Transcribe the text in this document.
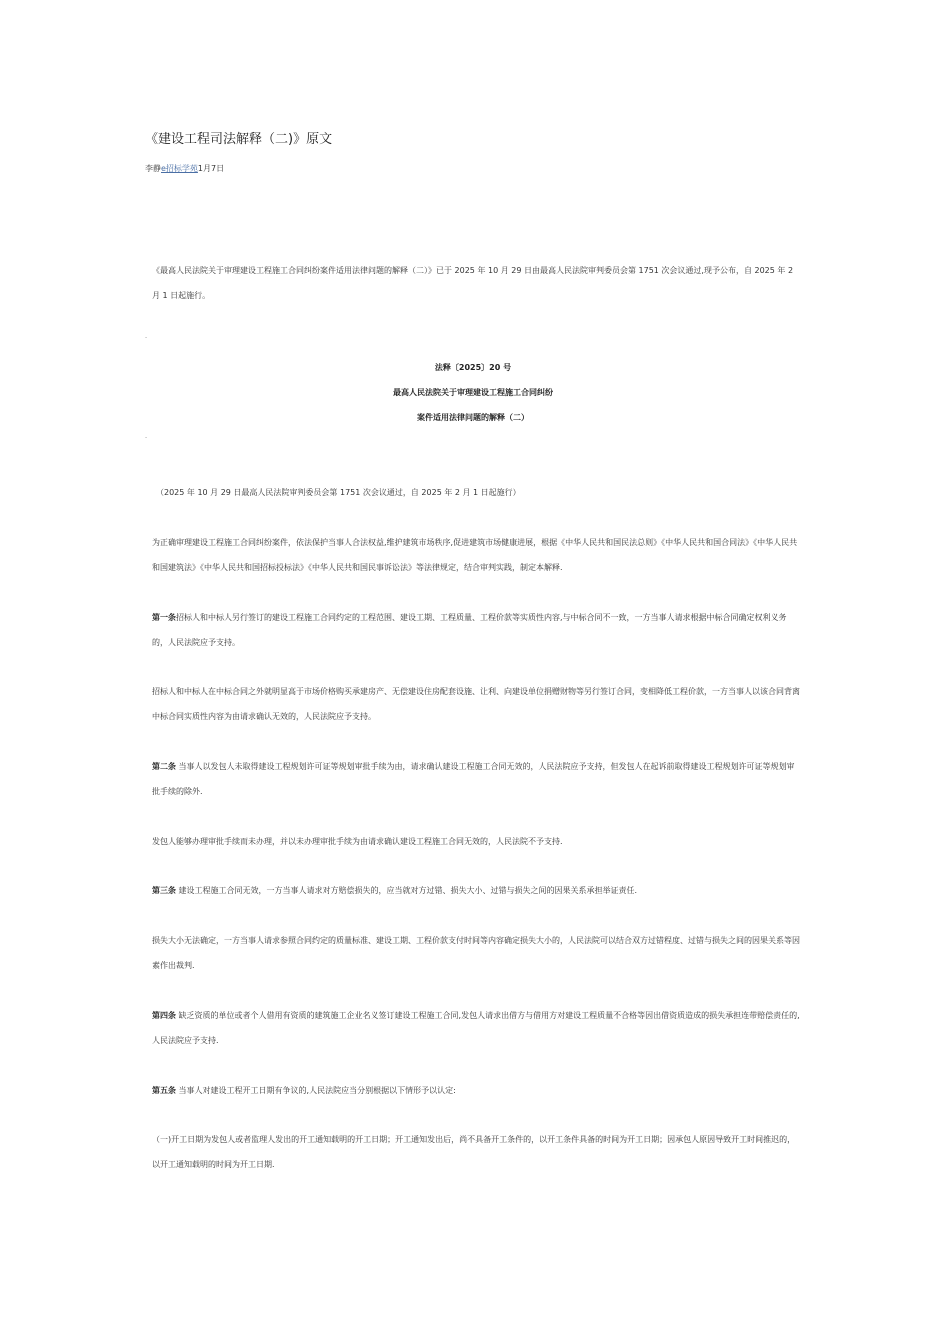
《建设工程司法解释（二)》原文
李静e招标学苑1月7日

《最高人民法院关于审理建设工程施工合同纠纷案件适用法律问题的解释（二）》已于 2025 年 10 月 29 日由最高人民法院审判委员会第 1751 次会议通过,现予公布，自 2025 年 2 月 1 日起施行。

-

法释〔2025〕20 号

最高人民法院关于审理建设工程施工合同纠纷

案件适用法律问题的解释（二）

-

（2025 年 10 月 29 日最高人民法院审判委员会第 1751 次会议通过，自 2025 年 2 月 1 日起施行）

为正确审理建设工程施工合同纠纷案件，依法保护当事人合法权益,维护建筑市场秩序,促进建筑市场健康进展，根据《中华人民共和国民法总则》《中华人民共和国合同法》《中华人民共和国建筑法》《中华人民共和国招标投标法》《中华人民共和国民事诉讼法》等法律规定，结合审判实践，制定本解释.

第一条招标人和中标人另行签订的建设工程施工合同约定的工程范围、建设工期、工程质量、工程价款等实质性内容,与中标合同不一致，一方当事人请求根据中标合同确定权利义务的，人民法院应予支持。

招标人和中标人在中标合同之外就明显高于市场价格购买承建房产、无偿建设住房配套设施、让利、向建设单位捐赠财物等另行签订合同，变相降低工程价款，一方当事人以该合同背离中标合同实质性内容为由请求确认无效的，人民法院应予支持。

第二条 当事人以发包人未取得建设工程规划许可证等规划审批手续为由，请求确认建设工程施工合同无效的，人民法院应予支持，但发包人在起诉前取得建设工程规划许可证等规划审批手续的除外.

发包人能够办理审批手续而未办理，并以未办理审批手续为由请求确认建设工程施工合同无效的，人民法院不予支持.

第三条 建设工程施工合同无效，一方当事人请求对方赔偿损失的，应当就对方过错、损失大小、过错与损失之间的因果关系承担举证责任.

损失大小无法确定，一方当事人请求参照合同约定的质量标准、建设工期、工程价款支付时间等内容确定损失大小的，人民法院可以结合双方过错程度、过错与损失之间的因果关系等因素作出裁判.

第四条 缺乏资质的单位或者个人借用有资质的建筑施工企业名义签订建设工程施工合同,发包人请求出借方与借用方对建设工程质量不合格等因出借资质造成的损失承担连带赔偿责任的,人民法院应予支持.

第五条 当事人对建设工程开工日期有争议的,人民法院应当分别根据以下情形予以认定:

（一)开工日期为发包人或者监理人发出的开工通知载明的开工日期；开工通知发出后，尚不具备开工条件的，以开工条件具备的时间为开工日期；因承包人原因导致开工时间推迟的，以开工通知载明的时间为开工日期.
